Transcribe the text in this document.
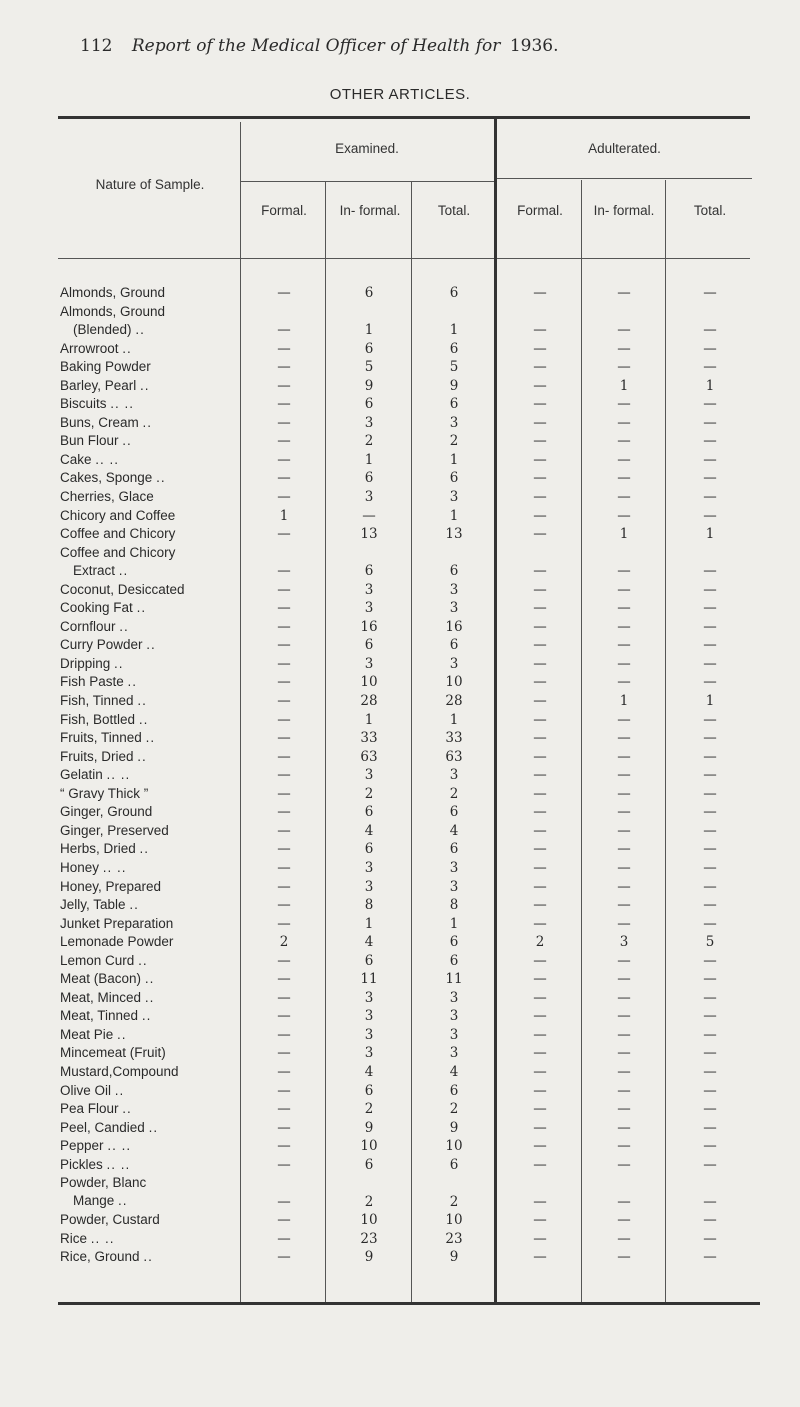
112 Report of the Medical Officer of Health for 1936.
OTHER ARTICLES.
Nature of Sample.
Examined.	Adulterated.
Formal.	In- formal.	Total.	Formal.	In- formal.	Total.
Almonds, Ground	—	6	6	—	—	—
Almonds, Ground
(Blended) ..	—	1	1	—	—	—
Arrowroot ..	—	6	6	—	—	—
Baking Powder	—	5	5	—	—	—
Barley, Pearl ..	—	9	9	—	1	1
Biscuits .. ..	—	6	6	—	—	—
Buns, Cream ..	—	3	3	—	—	—
Bun Flour ..	—	2	2	—	—	—
Cake .. ..	—	1	1	—	—	—
Cakes, Sponge ..	—	6	6	—	—	—
Cherries, Glace	—	3	3	—	—	—
Chicory and Coffee	1	—	1	—	—	—
Coffee and Chicory	—	13	13	—	1	1
Coffee and Chicory
Extract ..	—	6	6	—	—	—
Coconut, Desiccated	—	3	3	—	—	—
Cooking Fat ..	—	3	3	—	—	—
Cornflour ..	—	16	16	—	—	—
Curry Powder ..	—	6	6	—	—	—
Dripping ..	—	3	3	—	—	—
Fish Paste ..	—	10	10	—	—	—
Fish, Tinned ..	—	28	28	—	1	1
Fish, Bottled ..	—	1	1	—	—	—
Fruits, Tinned ..	—	33	33	—	—	—
Fruits, Dried ..	—	63	63	—	—	—
Gelatin .. ..	—	3	3	—	—	—
“ Gravy Thick ”	—	2	2	—	—	—
Ginger, Ground	—	6	6	—	—	—
Ginger, Preserved	—	4	4	—	—	—
Herbs, Dried ..	—	6	6	—	—	—
Honey .. ..	—	3	3	—	—	—
Honey, Prepared	—	3	3	—	—	—
Jelly, Table ..	—	8	8	—	—	—
Junket Preparation	—	1	1	—	—	—
Lemonade Powder	2	4	6	2	3	5
Lemon Curd ..	—	6	6	—	—	—
Meat (Bacon) ..	—	11	11	—	—	—
Meat, Minced ..	—	3	3	—	—	—
Meat, Tinned ..	—	3	3	—	—	—
Meat Pie ..	—	3	3	—	—	—
Mincemeat (Fruit)	—	3	3	—	—	—
Mustard,Compound	—	4	4	—	—	—
Olive Oil ..	—	6	6	—	—	—
Pea Flour ..	—	2	2	—	—	—
Peel, Candied ..	—	9	9	—	—	—
Pepper .. ..	—	10	10	—	—	—
Pickles .. ..	—	6	6	—	—	—
Powder, Blanc
Mange ..	—	2	2	—	—	—
Powder, Custard	—	10	10	—	—	—
Rice .. ..	—	23	23	—	—	—
Rice, Ground ..	—	9	9	—	—	—
